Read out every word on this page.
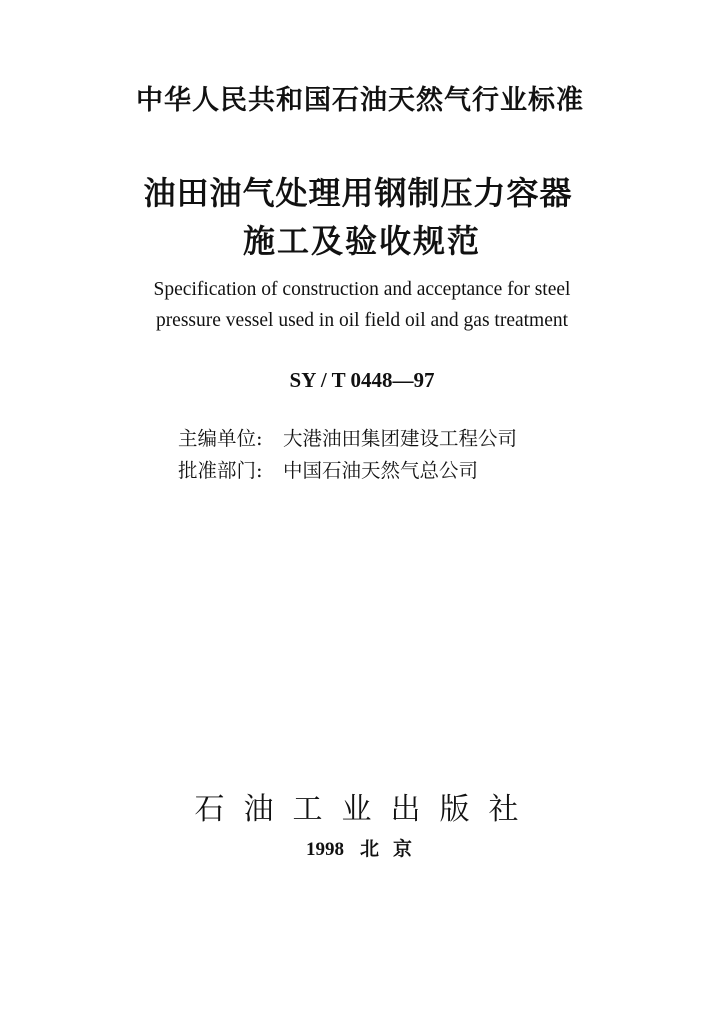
中华人民共和国石油天然气行业标准
油田油气处理用钢制压力容器
施工及验收规范
Specification of construction and acceptance for steel
pressure vessel used in oil field oil and gas treatment
SY / T 0448—97
主编单位: 大港油田集团建设工程公司
批准部门: 中国石油天然气总公司
石油工业出版社
1998 北京
